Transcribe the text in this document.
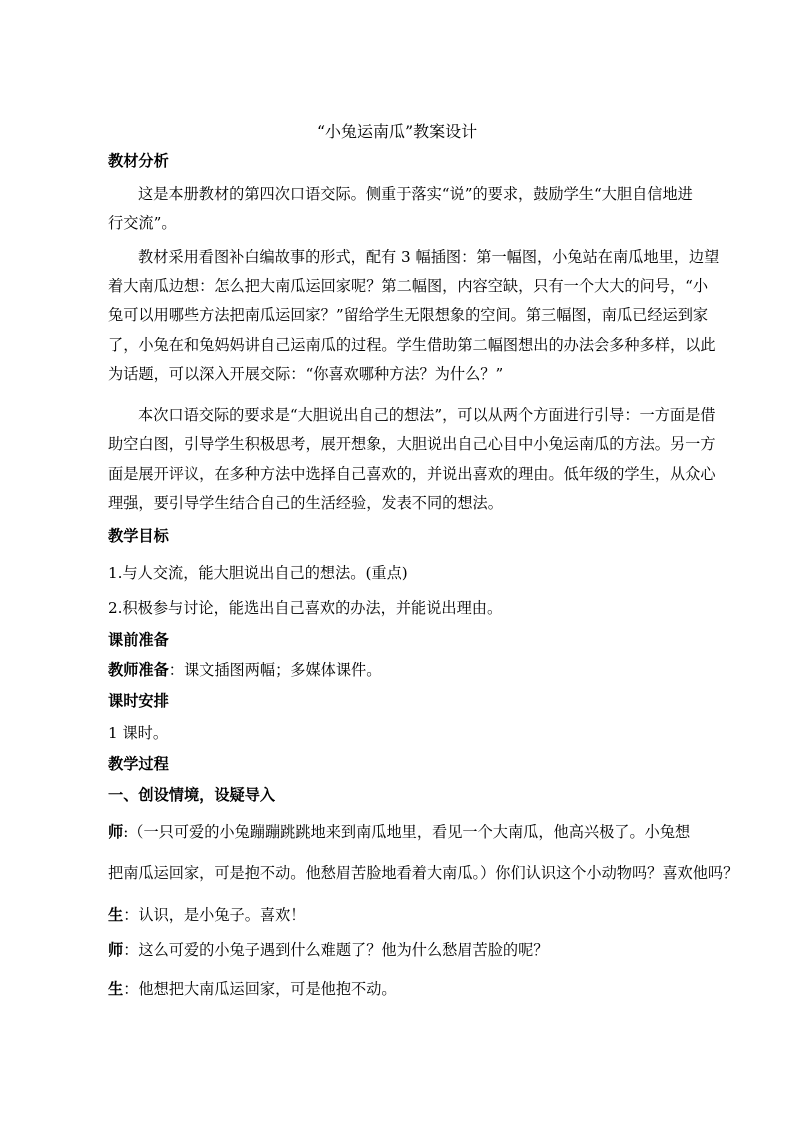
“小兔运南瓜”教案设计
教材分析
这是本册教材的第四次口语交际。侧重于落实“说”的要求，鼓励学生“大胆自信地进
行交流”。
教材采用看图补白编故事的形式，配有 3 幅插图：第一幅图，小兔站在南瓜地里，边望
着大南瓜边想：怎么把大南瓜运回家呢？第二幅图，内容空缺，只有一个大大的问号，“小
兔可以用哪些方法把南瓜运回家？”留给学生无限想象的空间。第三幅图，南瓜已经运到家
了，小兔在和兔妈妈讲自己运南瓜的过程。学生借助第二幅图想出的办法会多种多样，以此
为话题，可以深入开展交际：“你喜欢哪种方法？为什么？”
本次口语交际的要求是“大胆说出自己的想法”，可以从两个方面进行引导：一方面是借
助空白图，引导学生积极思考，展开想象，大胆说出自己心目中小兔运南瓜的方法。另一方
面是展开评议，在多种方法中选择自己喜欢的，并说出喜欢的理由。低年级的学生，从众心
理强，要引导学生结合自己的生活经验，发表不同的想法。
教学目标
1.与人交流，能大胆说出自己的想法。(重点)
2.积极参与讨论，能选出自己喜欢的办法，并能说出理由。
课前准备
教师准备：课文插图两幅；多媒体课件。
课时安排
1 课时。
教学过程
一、创设情境，设疑导入
师:（一只可爱的小兔蹦蹦跳跳地来到南瓜地里，看见一个大南瓜，他高兴极了。小兔想
把南瓜运回家，可是抱不动。他愁眉苦脸地看着大南瓜。）你们认识这个小动物吗？喜欢他吗？
生：认识，是小兔子。喜欢！
师：这么可爱的小兔子遇到什么难题了？他为什么愁眉苦脸的呢？
生：他想把大南瓜运回家，可是他抱不动。
